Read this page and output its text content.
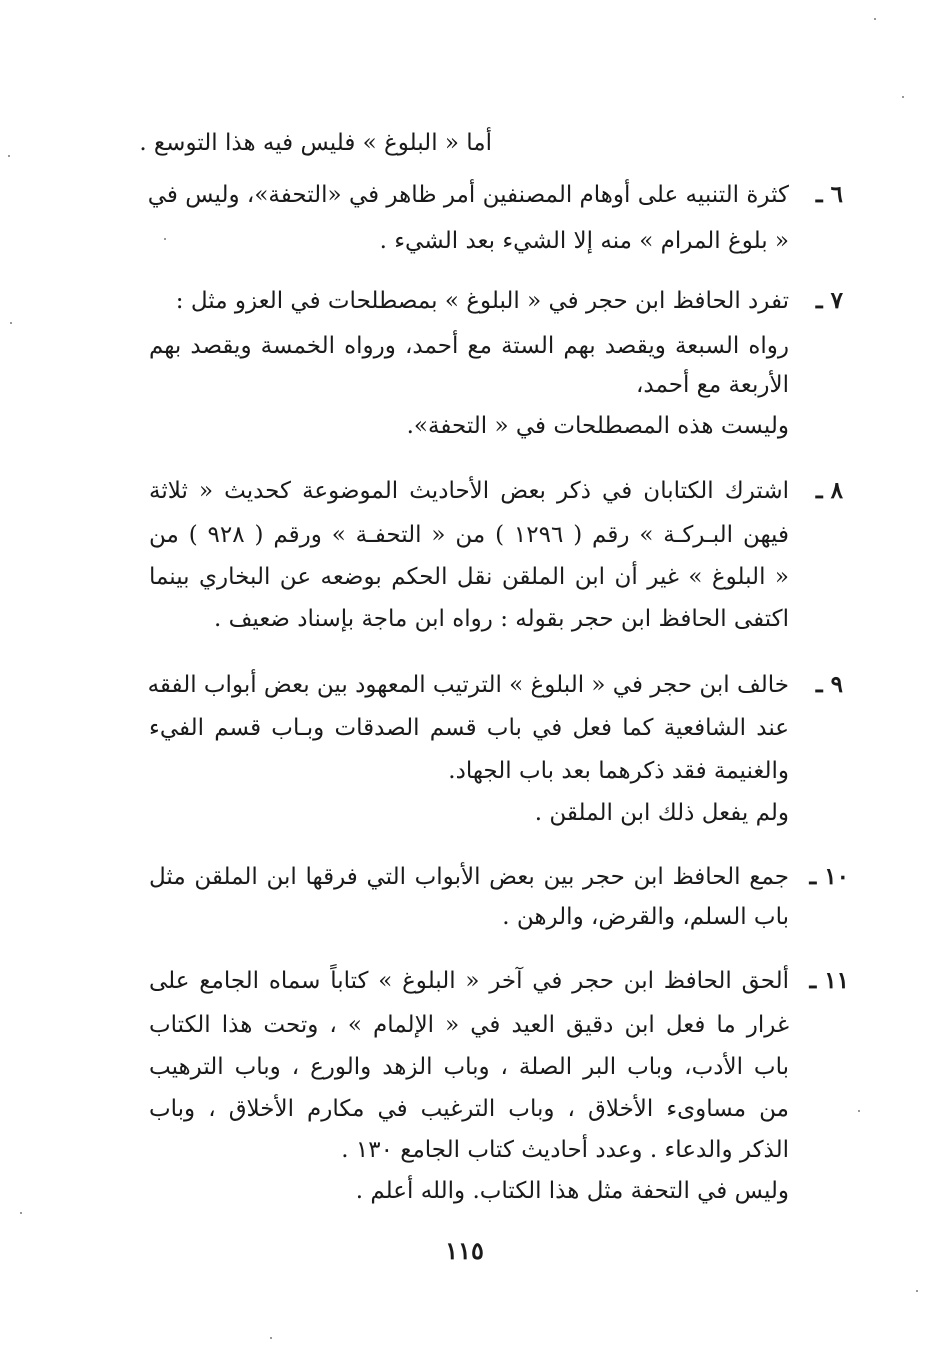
أما « البلوغ » فليس فيه هذا التوسع .
٦ ـ
كثرة التنبيه على أوهام المصنفين أمر ظاهر في «التحفة»، وليس في
« بلوغ المرام » منه إلا الشيء بعد الشيء .
٧ ـ
تفرد الحافظ ابن حجر في « البلوغ » بمصطلحات في العزو مثل :
رواه السبعة ويقصد بهم الستة مع أحمد، ورواه الخمسة ويقصد بهم
الأربعة مع أحمد،
وليست هذه المصطلحات في « التحفة».
٨ ـ
اشترك الكتابان في ذكر بعض الأحاديث الموضوعة كحديث « ثلاثة
فيهن البـركـة » رقم ( ١٢٩٦ ) من « التحفـة » ورقم ( ٩٢٨ ) من
« البلوغ » غير أن ابن الملقن نقل الحكم بوضعه عن البخاري بينما
اكتفى الحافظ ابن حجر بقوله : رواه ابن ماجة بإسناد ضعيف .
٩ ـ
خالف ابن حجر في « البلوغ » الترتيب المعهود بين بعض أبواب الفقه
عند الشافعية كما فعل في باب قسم الصدقات وبـاب قسم الفيء
والغنيمة فقد ذكرهما بعد باب الجهاد.
ولم يفعل ذلك ابن الملقن .
١٠ ـ
جمع الحافظ ابن حجر بين بعض الأبواب التي فرقها ابن الملقن مثل
باب السلم، والقرض، والرهن .
١١ ـ
ألحق الحافظ ابن حجر في آخر « البلوغ » كتاباً سماه الجامع على
غرار ما فعل ابن دقيق العيد في « الإلمام » ، وتحت هذا الكتاب
باب الأدب، وباب البر الصلة ، وباب الزهد والورع ، وباب الترهيب
من مساوىء الأخلاق ، وباب الترغيب في مكارم الأخلاق ، وباب
الذكر والدعاء . وعدد أحاديث كتاب الجامع ١٣٠ .
وليس في التحفة مثل هذا الكتاب. والله أعلم .
١١٥
